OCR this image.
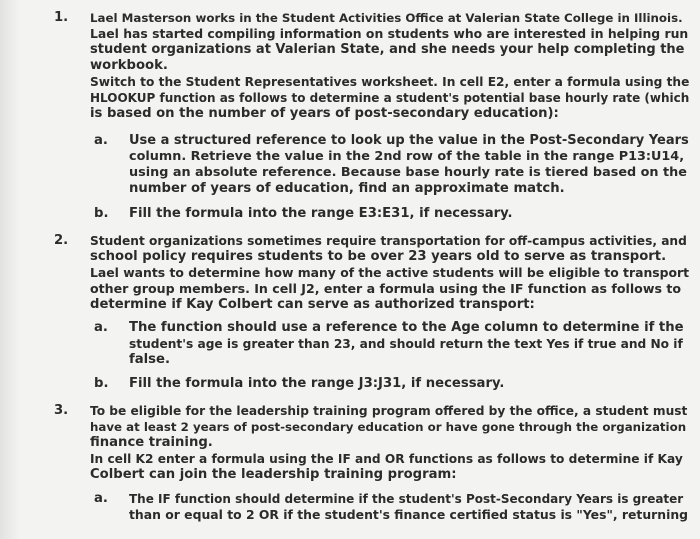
1. Lael Masterson works in the Student Activities Office at Valerian State College in Illinois.
Lael has started compiling information on students who are interested in helping run
student organizations at Valerian State, and she needs your help completing the
workbook.
Switch to the Student Representatives worksheet. In cell E2, enter a formula using the
HLOOKUP function as follows to determine a student's potential base hourly rate (which
is based on the number of years of post-secondary education):
a. Use a structured reference to look up the value in the Post-Secondary Years
column. Retrieve the value in the 2nd row of the table in the range P13:U14,
using an absolute reference. Because base hourly rate is tiered based on the
number of years of education, find an approximate match.
b. Fill the formula into the range E3:E31, if necessary.
2. Student organizations sometimes require transportation for off-campus activities, and
school policy requires students to be over 23 years old to serve as transport.
Lael wants to determine how many of the active students will be eligible to transport
other group members. In cell J2, enter a formula using the IF function as follows to
determine if Kay Colbert can serve as authorized transport:
a. The function should use a reference to the Age column to determine if the
student's age is greater than 23, and should return the text Yes if true and No if
false.
b. Fill the formula into the range J3:J31, if necessary.
3. To be eligible for the leadership training program offered by the office, a student must
have at least 2 years of post-secondary education or have gone through the organization
finance training.
In cell K2 enter a formula using the IF and OR functions as follows to determine if Kay
Colbert can join the leadership training program:
a. The IF function should determine if the student's Post-Secondary Years is greater
than or equal to 2 OR if the student's finance certified status is "Yes", returning
